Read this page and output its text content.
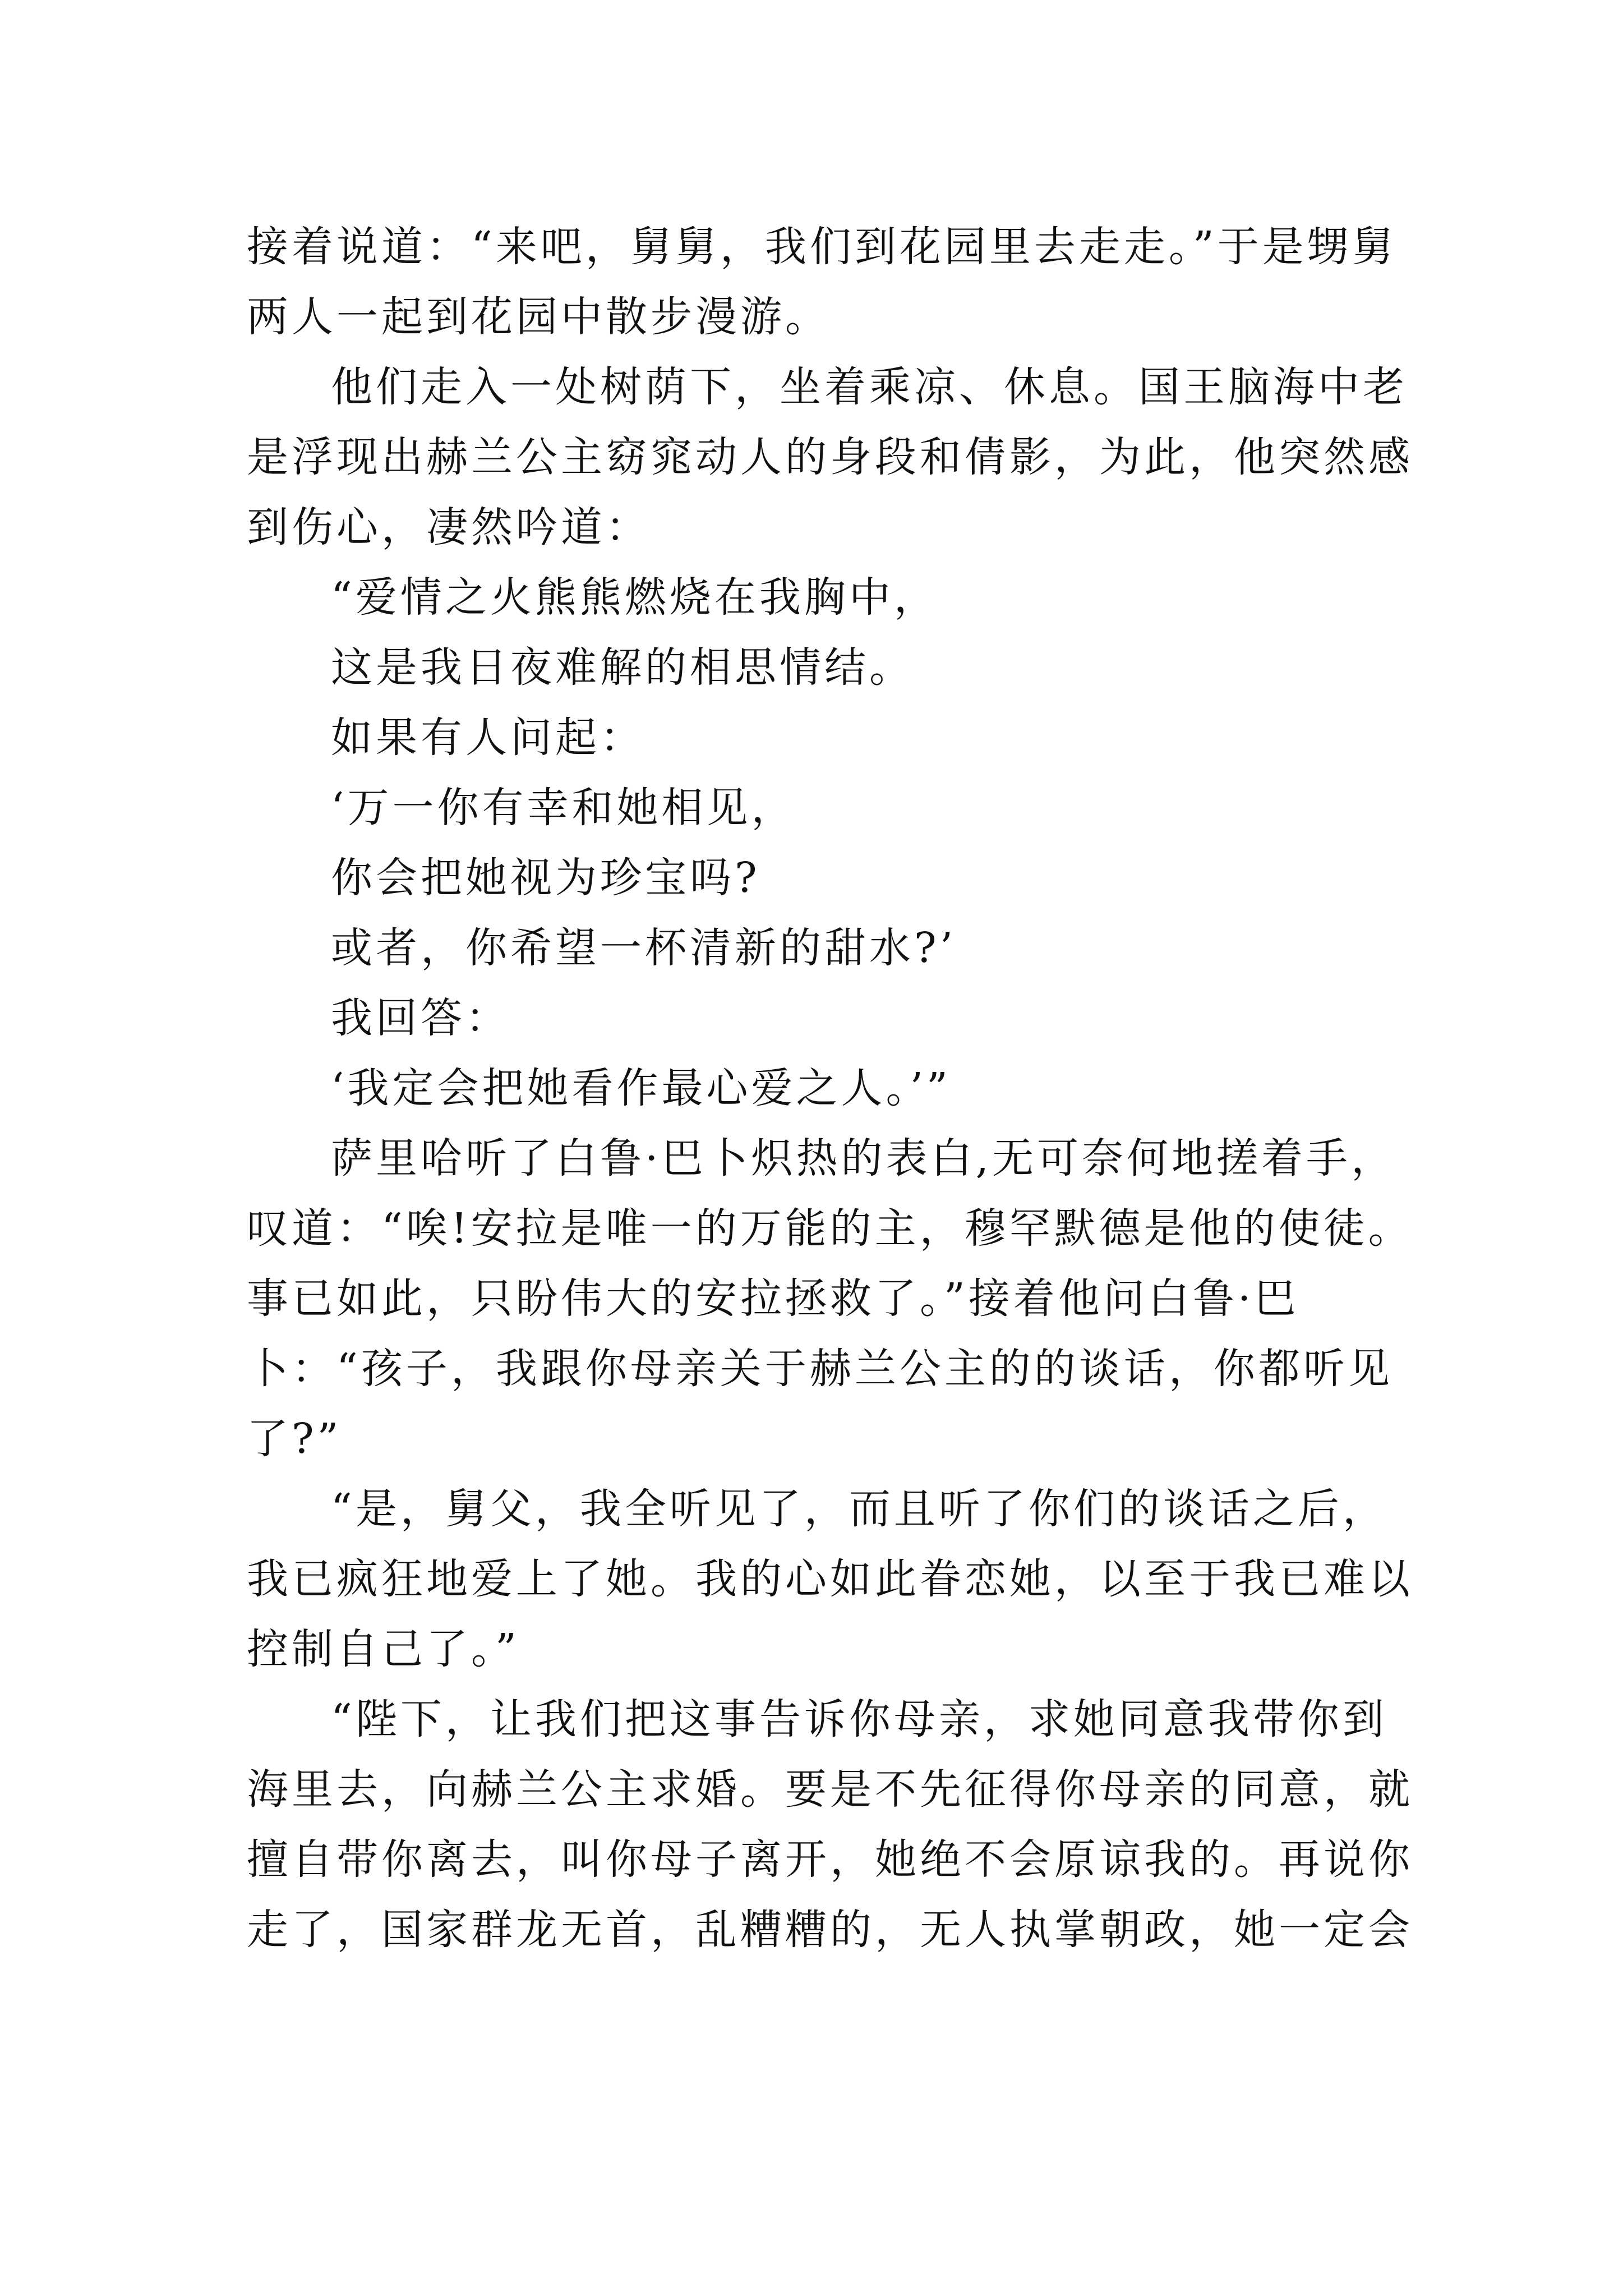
接着说道：“来吧，舅舅，我们到花园里去走走。”于是甥舅两人一起到花园中散步漫游。

他们走入一处树荫下，坐着乘凉、休息。国王脑海中老是浮现出赫兰公主窈窕动人的身段和倩影，为此，他突然感到伤心，凄然吟道：

“爱情之火熊熊燃烧在我胸中，

这是我日夜难解的相思情结。

如果有人问起：

‘万一你有幸和她相见，

你会把她视为珍宝吗?

或者，你希望一杯清新的甜水?’

我回答：

‘我定会把她看作最心爱之人。’”

萨里哈听了白鲁·巴卜炽热的表白,无可奈何地搓着手，叹道：“唉!安拉是唯一的万能的主，穆罕默德是他的使徒。事已如此，只盼伟大的安拉拯救了。”接着他问白鲁·巴卜：“孩子，我跟你母亲关于赫兰公主的的谈话，你都听见了?”

“是，舅父，我全听见了，而且听了你们的谈话之后，我已疯狂地爱上了她。我的心如此眷恋她，以至于我已难以控制自己了。”

“陛下，让我们把这事告诉你母亲，求她同意我带你到海里去，向赫兰公主求婚。要是不先征得你母亲的同意，就擅自带你离去，叫你母子离开，她绝不会原谅我的。再说你走了，国家群龙无首，乱糟糟的，无人执掌朝政，她一定会
